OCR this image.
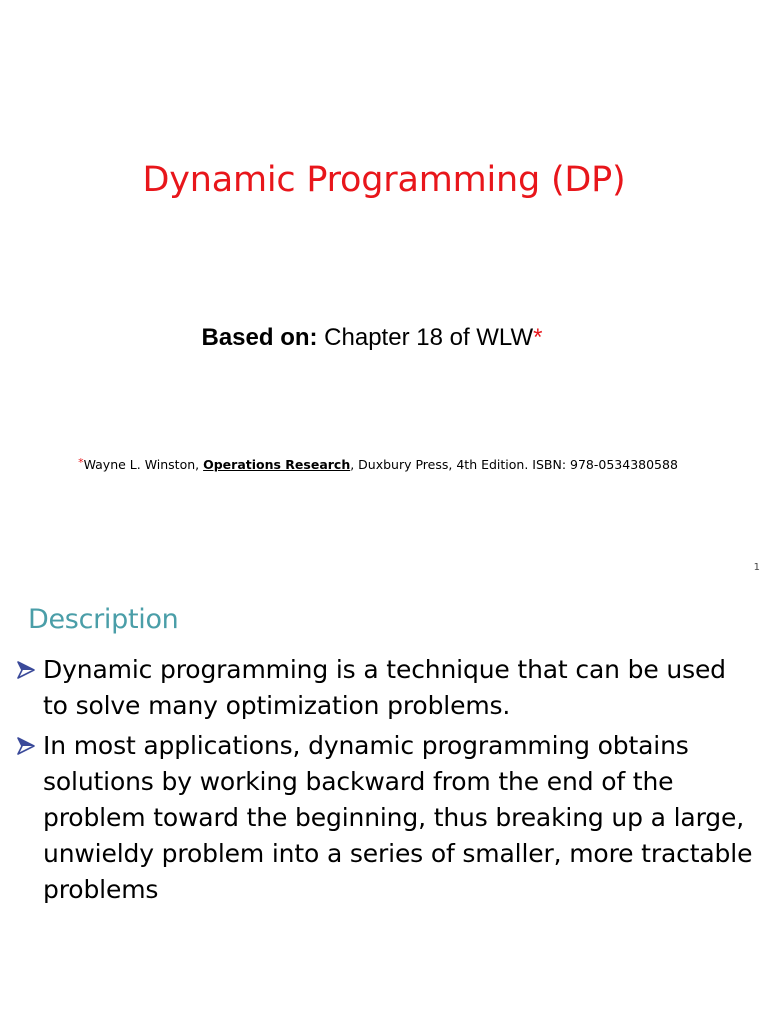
Dynamic Programming (DP)
Based on: Chapter 18 of WLW*
*Wayne L. Winston, Operations Research, Duxbury Press, 4th Edition. ISBN: 978-0534380588
1
Description
Dynamic programming is a technique that can be used to solve many optimization problems.
In most applications, dynamic programming obtains solutions by working backward from the end of the problem toward the beginning, thus breaking up a large, unwieldy problem into a series of smaller, more tractable problems
